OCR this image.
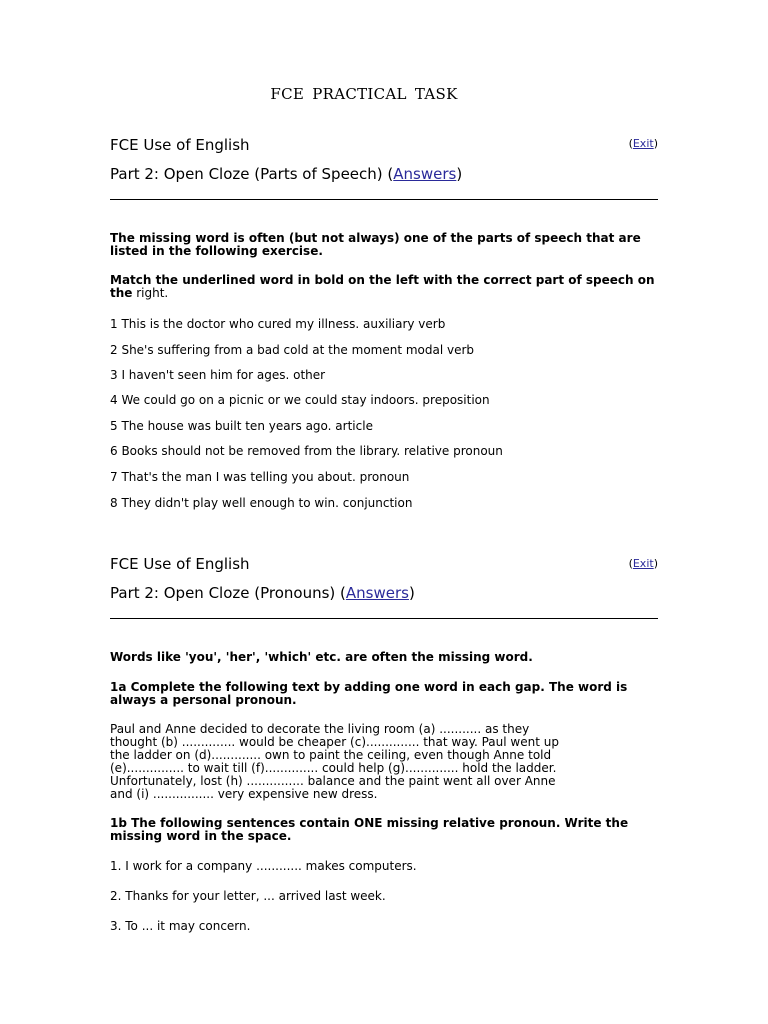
FCE PRACTICAL TASK
FCE Use of English	(Exit)
Part 2: Open Cloze (Parts of Speech) (Answers)
The missing word is often (but not always) one of the parts of speech that are listed in the following exercise.
Match the underlined word in bold on the left with the correct part of speech on the right.
1 This is the doctor who cured my illness. auxiliary verb
2 She's suffering from a bad cold at the moment modal verb
3 I haven't seen him for ages. other
4 We could go on a picnic or we could stay indoors. preposition
5 The house was built ten years ago. article
6 Books should not be removed from the library. relative pronoun
7 That's the man I was telling you about. pronoun
8 They didn't play well enough to win. conjunction
FCE Use of English	(Exit)
Part 2: Open Cloze (Pronouns) (Answers)
Words like 'you', 'her', 'which' etc. are often the missing word.
1a Complete the following text by adding one word in each gap. The word is always a personal pronoun.
Paul and Anne decided to decorate the living room (a) ........... as they thought (b) .............. would be cheaper (c).............. that way. Paul went up the ladder on (d)............. own to paint the ceiling, even though Anne told (e)............... to wait till (f).............. could help (g).............. hold the ladder. Unfortunately, lost (h) ............... balance and the paint went all over Anne and (i) ................ very expensive new dress.
1b The following sentences contain ONE missing relative pronoun. Write the missing word in the space.
1. I work for a company ............ makes computers.
2. Thanks for your letter, ... arrived last week.
3. To ... it may concern.
